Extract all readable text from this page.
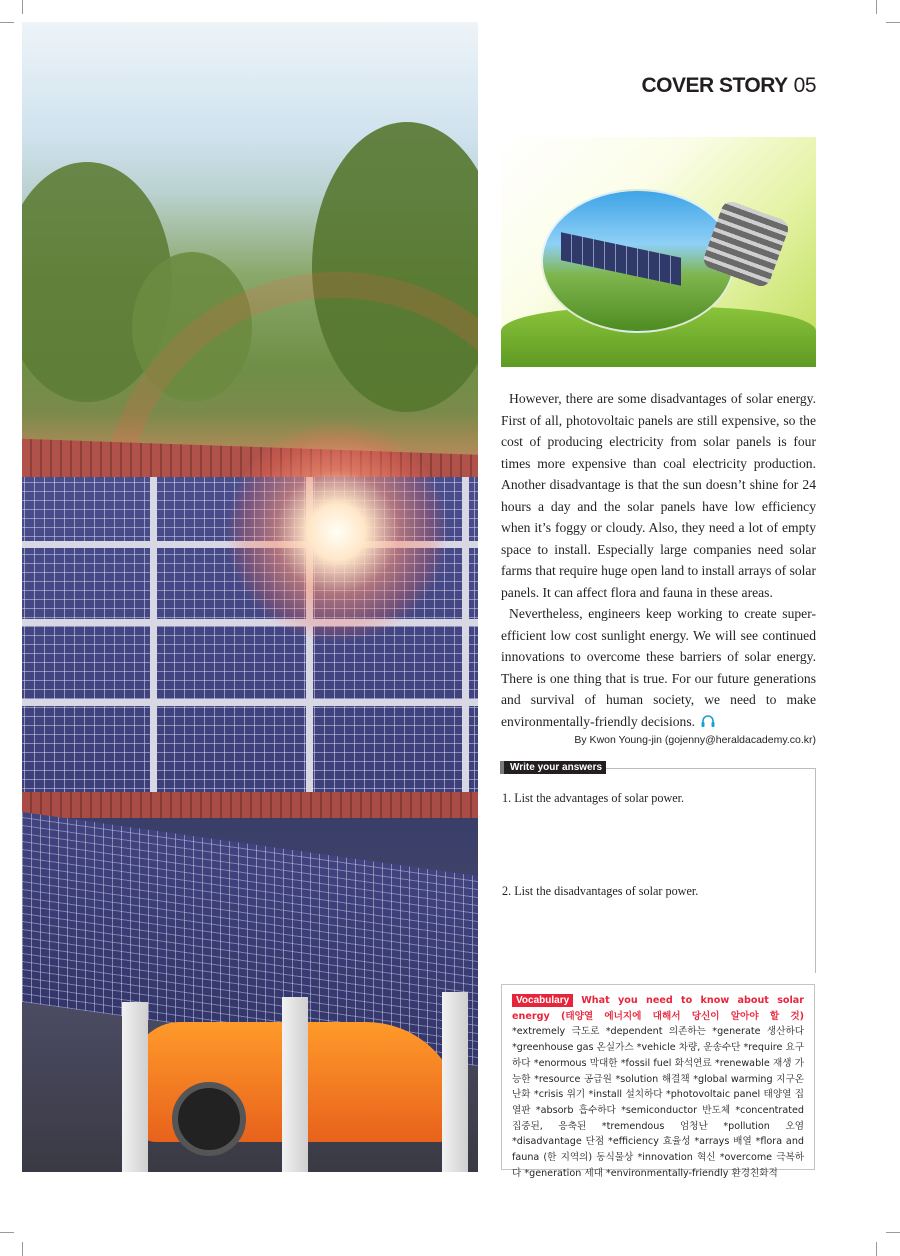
COVER STORY 05

However, there are some disadvantages of solar energy. First of all, photovoltaic panels are still expensive, so the cost of producing electricity from solar panels is four times more expensive than coal electricity production. Another disadvantage is that the sun doesn’t shine for 24 hours a day and the solar panels have low efficiency when it’s foggy or cloudy. Also, they need a lot of empty space to install. Especially large companies need solar farms that require huge open land to install arrays of solar panels. It can affect flora and fauna in these areas.

Nevertheless, engineers keep working to create super-efficient low cost sunlight energy. We will see continued innovations to overcome these barriers of solar energy. There is one thing that is true. For our future generations and survival of human society, we need to make environmentally-friendly decisions.

By Kwon Young-jin (gojenny@heraldacademy.co.kr)
Write your answers
1. List the advantages of solar power.
2. List the disadvantages of solar power.
Vocabulary What you need to know about solar energy (태양열 에너지에 대해서 당신이 알아야 할 것) *extremely 극도로 *dependent 의존하는 *generate 생산하다 *greenhouse gas 온실가스 *vehicle 차량, 운송수단 *require 요구하다 *enormous 막대한 *fossil fuel 화석연료 *renewable 재생 가능한 *resource 공급원 *solution 해결책 *global warming 지구온난화 *crisis 위기 *install 설치하다 *photovoltaic panel 태양열 집열판 *absorb 흡수하다 *semiconductor 반도체 *concentrated 집중된, 응축된 *tremendous 엄청난 *pollution 오염 *disadvantage 단점 *efficiency 효율성 *arrays 배열 *flora and fauna (한 지역의) 동식물상 *innovation 혁신 *overcome 극복하다 *generation 세대 *environmentally-friendly 환경친화적
